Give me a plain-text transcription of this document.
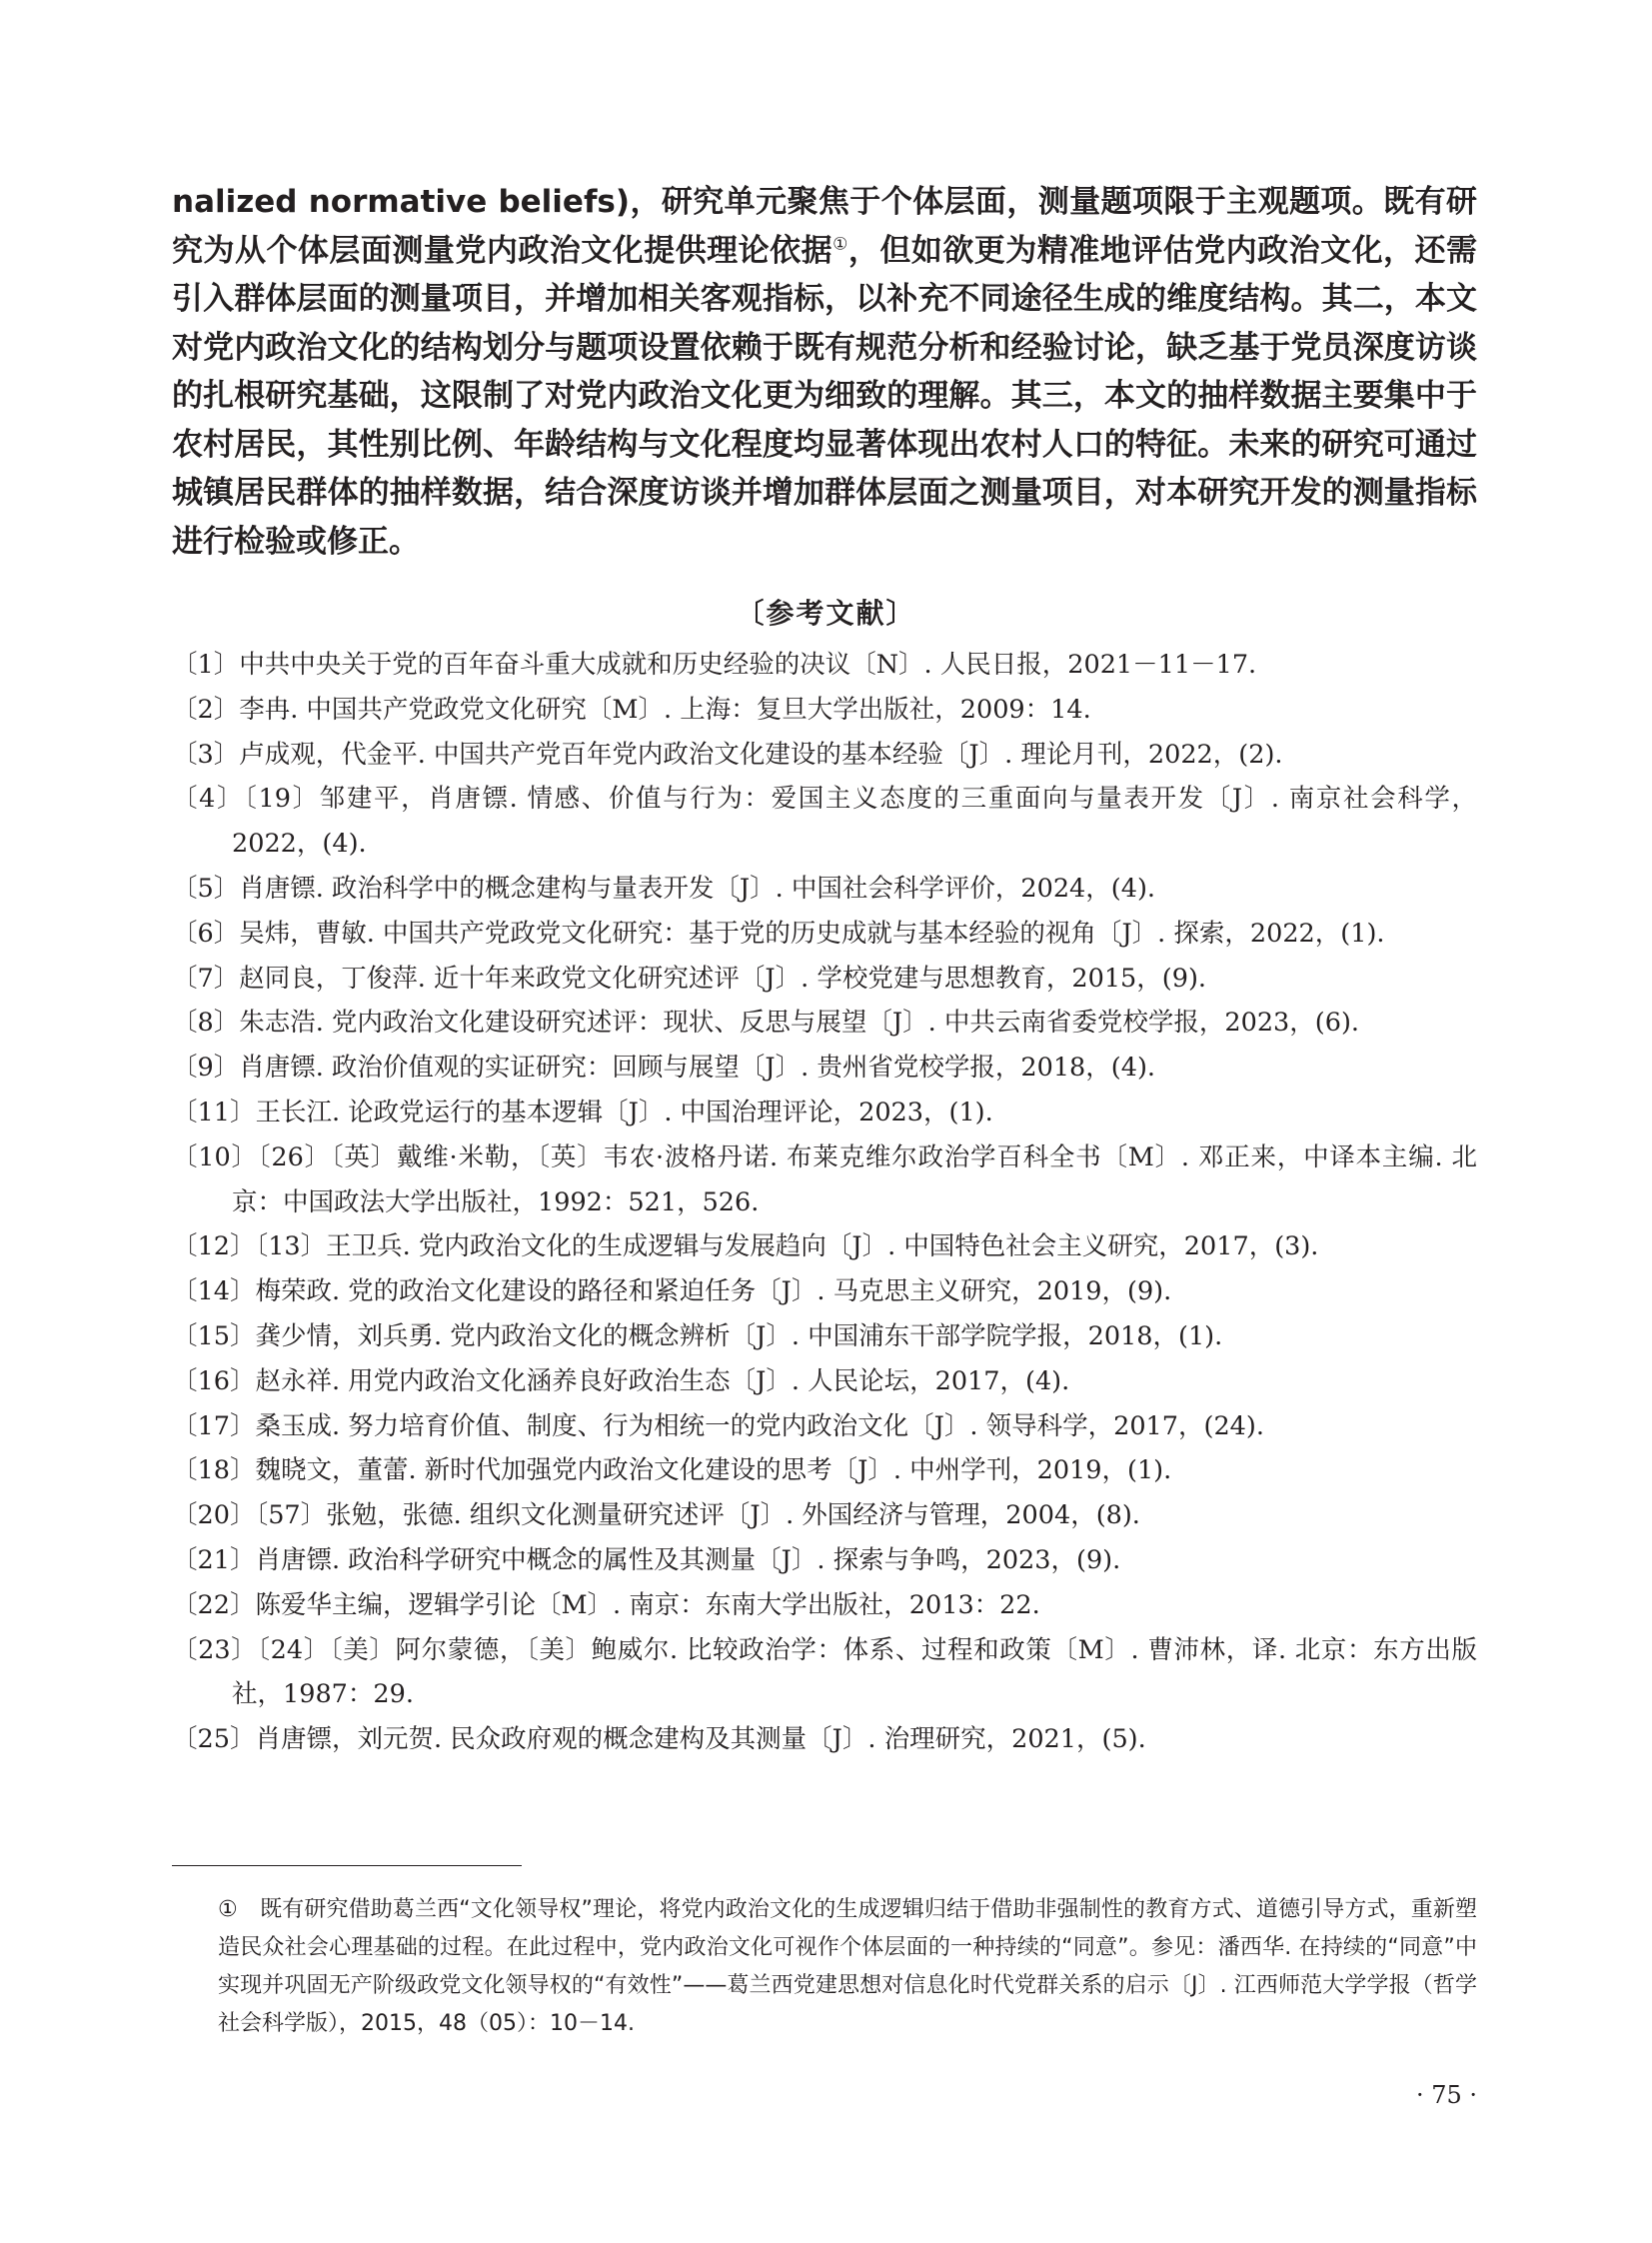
nalized normative beliefs)，研究单元聚焦于个体层面，测量题项限于主观题项。既有研究为从个体层面测量党内政治文化提供理论依据①，但如欲更为精准地评估党内政治文化，还需引入群体层面的测量项目，并增加相关客观指标，以补充不同途径生成的维度结构。其二，本文对党内政治文化的结构划分与题项设置依赖于既有规范分析和经验讨论，缺乏基于党员深度访谈的扎根研究基础，这限制了对党内政治文化更为细致的理解。其三，本文的抽样数据主要集中于农村居民，其性别比例、年龄结构与文化程度均显著体现出农村人口的特征。未来的研究可通过城镇居民群体的抽样数据，结合深度访谈并增加群体层面之测量项目，对本研究开发的测量指标进行检验或修正。

〔参考文献〕

〔1〕中共中央关于党的百年奋斗重大成就和历史经验的决议〔N〕. 人民日报，2021－11－17.

〔2〕李冉. 中国共产党政党文化研究〔M〕. 上海：复旦大学出版社，2009：14.

〔3〕卢成观，代金平. 中国共产党百年党内政治文化建设的基本经验〔J〕. 理论月刊，2022，(2).

〔4〕〔19〕邹建平，肖唐镖. 情感、价值与行为：爱国主义态度的三重面向与量表开发〔J〕. 南京社会科学，2022，(4).

〔5〕肖唐镖. 政治科学中的概念建构与量表开发〔J〕. 中国社会科学评价，2024，(4).

〔6〕吴炜，曹敏. 中国共产党政党文化研究：基于党的历史成就与基本经验的视角〔J〕. 探索，2022，(1).

〔7〕赵同良，丁俊萍. 近十年来政党文化研究述评〔J〕. 学校党建与思想教育，2015，(9).

〔8〕朱志浩. 党内政治文化建设研究述评：现状、反思与展望〔J〕. 中共云南省委党校学报，2023，(6).

〔9〕肖唐镖. 政治价值观的实证研究：回顾与展望〔J〕. 贵州省党校学报，2018，(4).

〔11〕王长江. 论政党运行的基本逻辑〔J〕. 中国治理评论，2023，(1).

〔10〕〔26〕〔英〕戴维·米勒，〔英〕韦农·波格丹诺. 布莱克维尔政治学百科全书〔M〕. 邓正来，中译本主编. 北京：中国政法大学出版社，1992：521，526.

〔12〕〔13〕王卫兵. 党内政治文化的生成逻辑与发展趋向〔J〕. 中国特色社会主义研究，2017，(3).

〔14〕梅荣政. 党的政治文化建设的路径和紧迫任务〔J〕. 马克思主义研究，2019，(9).

〔15〕龚少情，刘兵勇. 党内政治文化的概念辨析〔J〕. 中国浦东干部学院学报，2018，(1).

〔16〕赵永祥. 用党内政治文化涵养良好政治生态〔J〕. 人民论坛，2017，(4).

〔17〕桑玉成. 努力培育价值、制度、行为相统一的党内政治文化〔J〕. 领导科学，2017，(24).

〔18〕魏晓文，董蕾. 新时代加强党内政治文化建设的思考〔J〕. 中州学刊，2019，(1).

〔20〕〔57〕张勉，张德. 组织文化测量研究述评〔J〕. 外国经济与管理，2004，(8).

〔21〕肖唐镖. 政治科学研究中概念的属性及其测量〔J〕. 探索与争鸣，2023，(9).

〔22〕陈爱华主编，逻辑学引论〔M〕. 南京：东南大学出版社，2013：22.

〔23〕〔24〕〔美〕阿尔蒙德，〔美〕鲍威尔. 比较政治学：体系、过程和政策〔M〕. 曹沛林，译. 北京：东方出版社，1987：29.

〔25〕肖唐镖，刘元贺. 民众政府观的概念建构及其测量〔J〕. 治理研究，2021，(5).

① 既有研究借助葛兰西“文化领导权”理论，将党内政治文化的生成逻辑归结于借助非强制性的教育方式、道德引导方式，重新塑造民众社会心理基础的过程。在此过程中，党内政治文化可视作个体层面的一种持续的“同意”。参见：潘西华. 在持续的“同意”中实现并巩固无产阶级政党文化领导权的“有效性”——葛兰西党建思想对信息化时代党群关系的启示〔J〕. 江西师范大学学报（哲学社会科学版），2015，48（05）：10－14.

· 75 ·
